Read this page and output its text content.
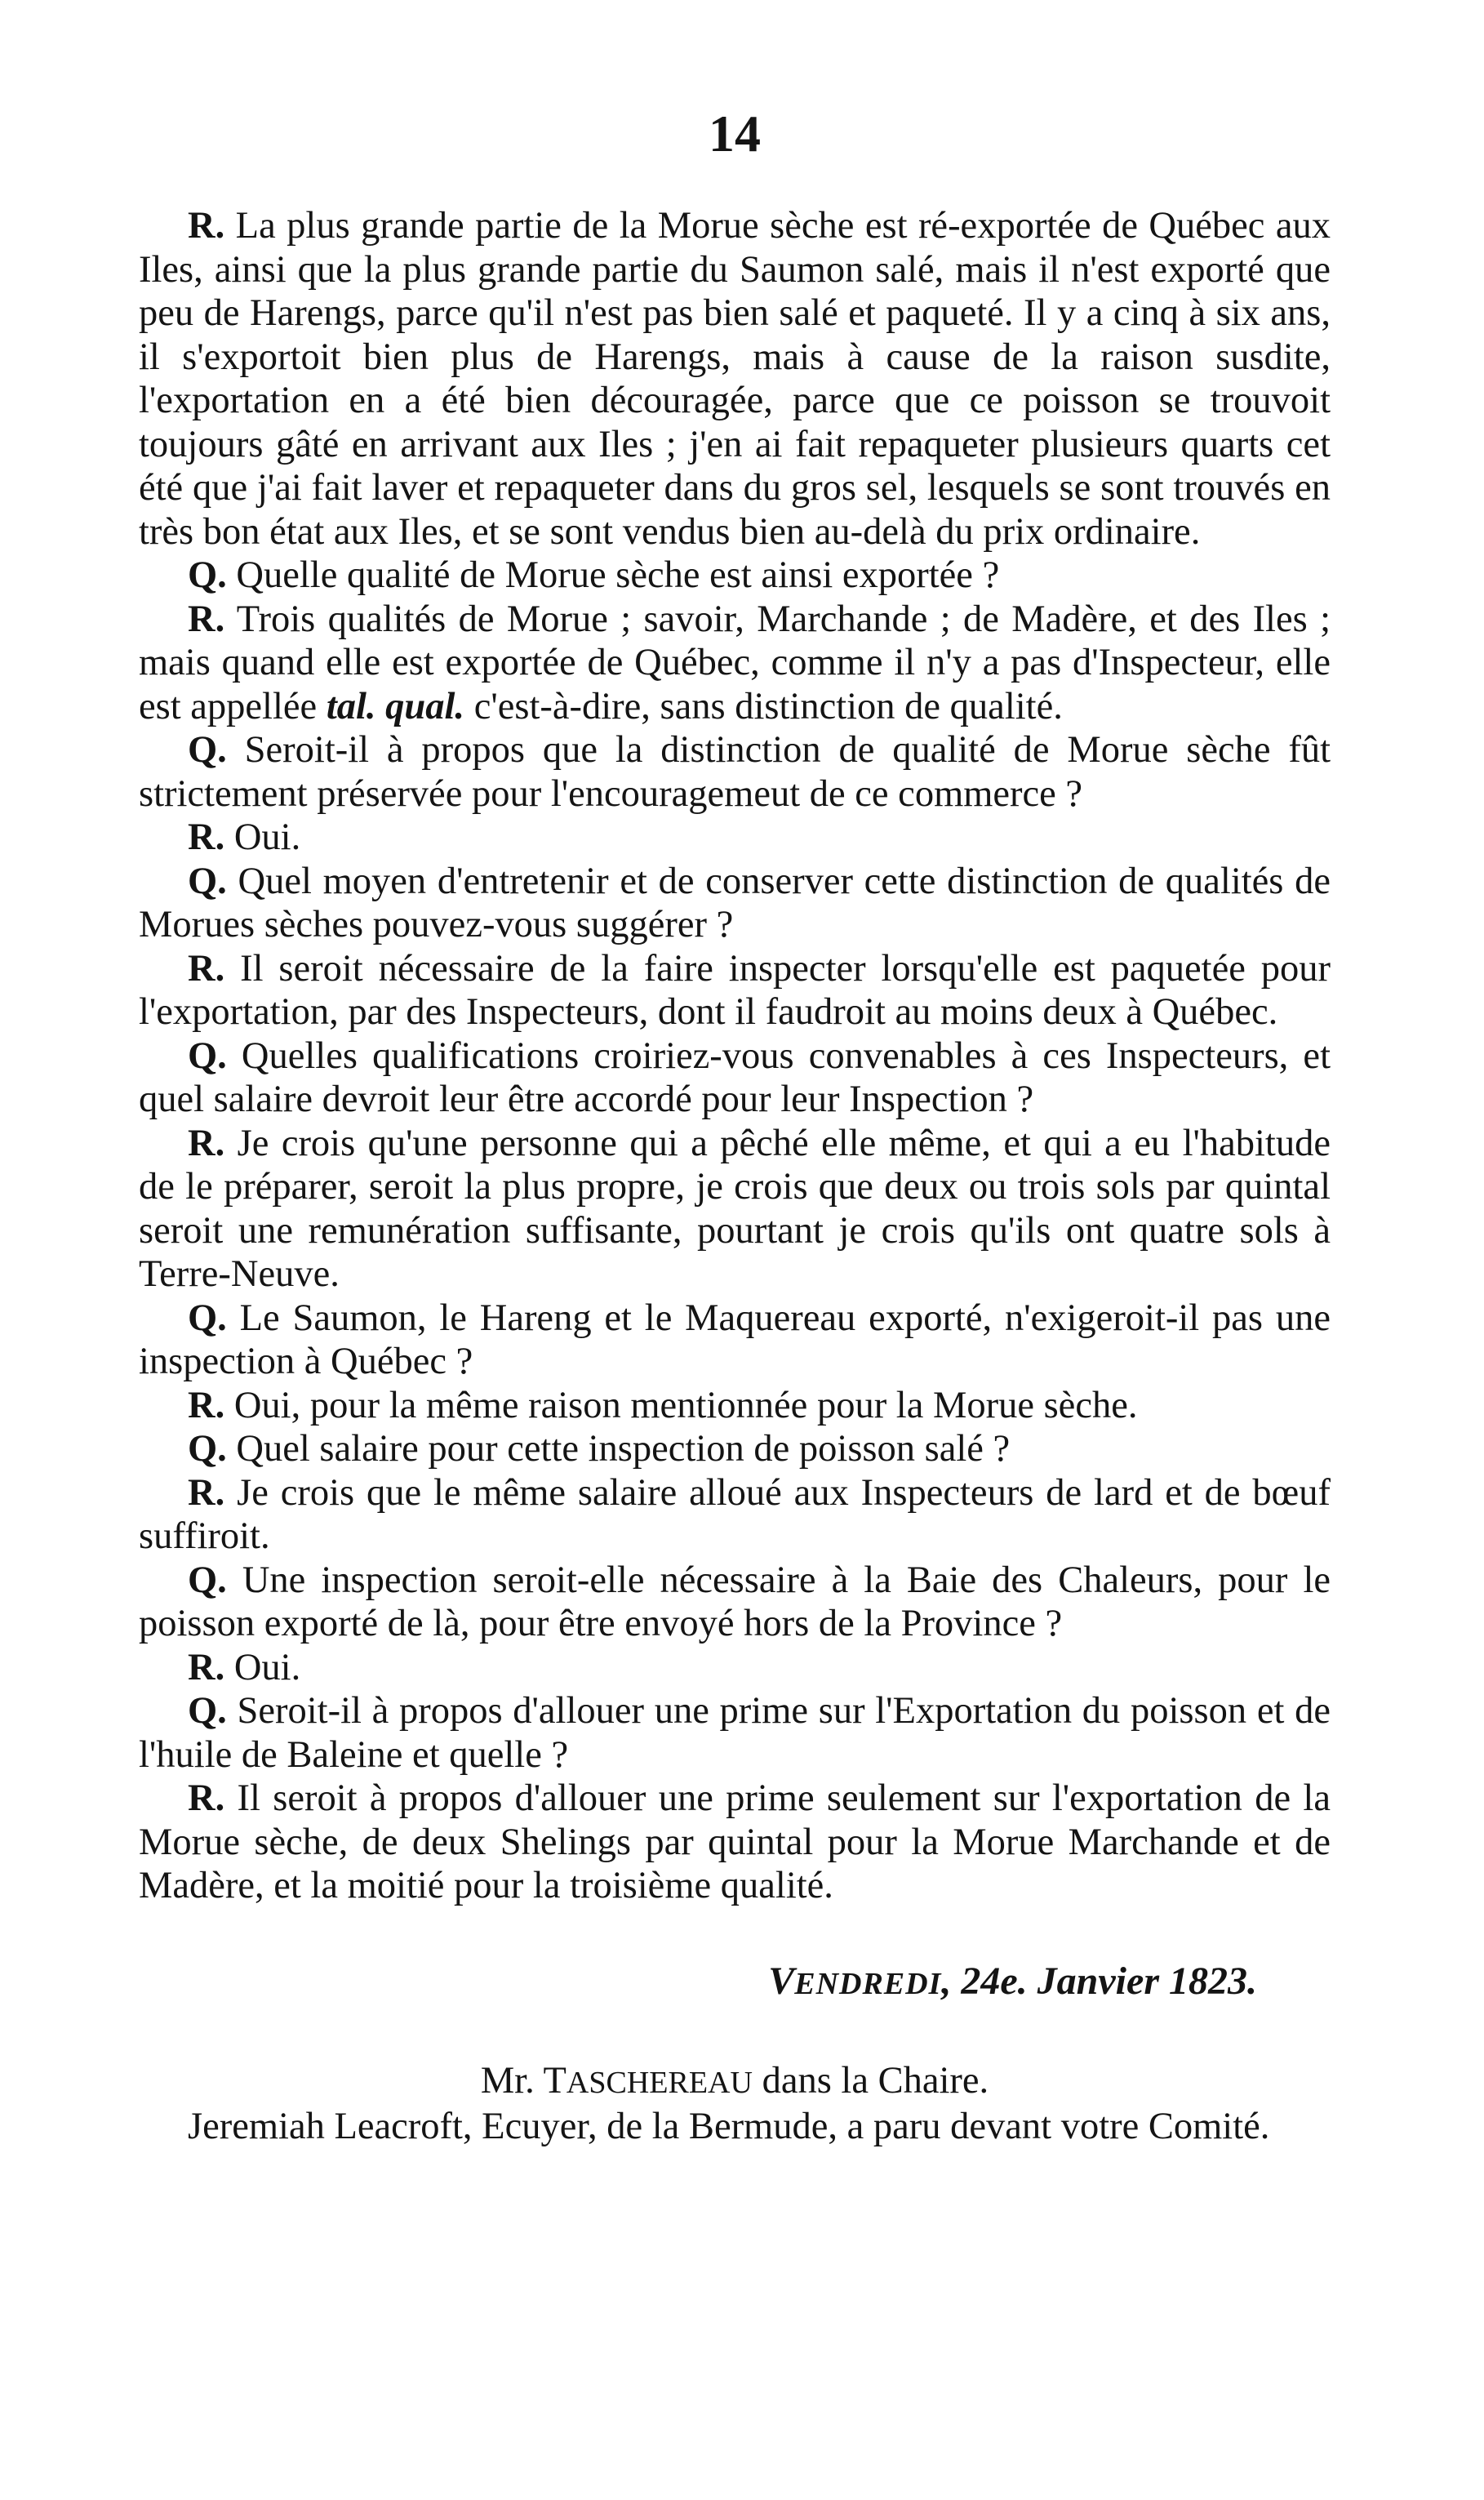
14

R. La plus grande partie de la Morue sèche est ré-exportée de Québec aux Iles, ainsi que la plus grande partie du Saumon salé, mais il n'est exporté que peu de Harengs, parce qu'il n'est pas bien salé et paqueté. Il y a cinq à six ans, il s'exportoit bien plus de Harengs, mais à cause de la raison susdite, l'exportation en a été bien découragée, parce que ce poisson se trouvoit toujours gâté en arrivant aux Iles ; j'en ai fait repaqueter plusieurs quarts cet été que j'ai fait laver et repaqueter dans du gros sel, lesquels se sont trouvés en très bon état aux Iles, et se sont vendus bien au-delà du prix ordinaire.

Q. Quelle qualité de Morue sèche est ainsi exportée ?

R. Trois qualités de Morue ; savoir, Marchande ; de Madère, et des Iles ; mais quand elle est exportée de Québec, comme il n'y a pas d'Inspecteur, elle est appellée tal. qual. c'est-à-dire, sans distinction de qualité.

Q. Seroit-il à propos que la distinction de qualité de Morue sèche fût strictement préservée pour l'encouragemeut de ce commerce ?

R. Oui.

Q. Quel moyen d'entretenir et de conserver cette distinction de qualités de Morues sèches pouvez-vous suggérer ?

R. Il seroit nécessaire de la faire inspecter lorsqu'elle est paquetée pour l'exportation, par des Inspecteurs, dont il faudroit au moins deux à Québec.

Q. Quelles qualifications croiriez-vous convenables à ces Inspecteurs, et quel salaire devroit leur être accordé pour leur Inspection ?

R. Je crois qu'une personne qui a pêché elle même, et qui a eu l'habitude de le préparer, seroit la plus propre, je crois que deux ou trois sols par quintal seroit une remunération suffisante, pourtant je crois qu'ils ont quatre sols à Terre-Neuve.

Q. Le Saumon, le Hareng et le Maquereau exporté, n'exigeroit-il pas une inspection à Québec ?

R. Oui, pour la même raison mentionnée pour la Morue sèche.

Q. Quel salaire pour cette inspection de poisson salé ?

R. Je crois que le même salaire alloué aux Inspecteurs de lard et de bœuf suffiroit.

Q. Une inspection seroit-elle nécessaire à la Baie des Chaleurs, pour le poisson exporté de là, pour être envoyé hors de la Province ?

R. Oui.

Q. Seroit-il à propos d'allouer une prime sur l'Exportation du poisson et de l'huile de Baleine et quelle ?

R. Il seroit à propos d'allouer une prime seulement sur l'exportation de la Morue sèche, de deux Shelings par quintal pour la Morue Marchande et de Madère, et la moitié pour la troisième qualité.

VENDREDI, 24e. Janvier 1823.

Mr. TASCHEREAU dans la Chaire.

Jeremiah Leacroft, Ecuyer, de la Bermude, a paru devant votre Comité.
